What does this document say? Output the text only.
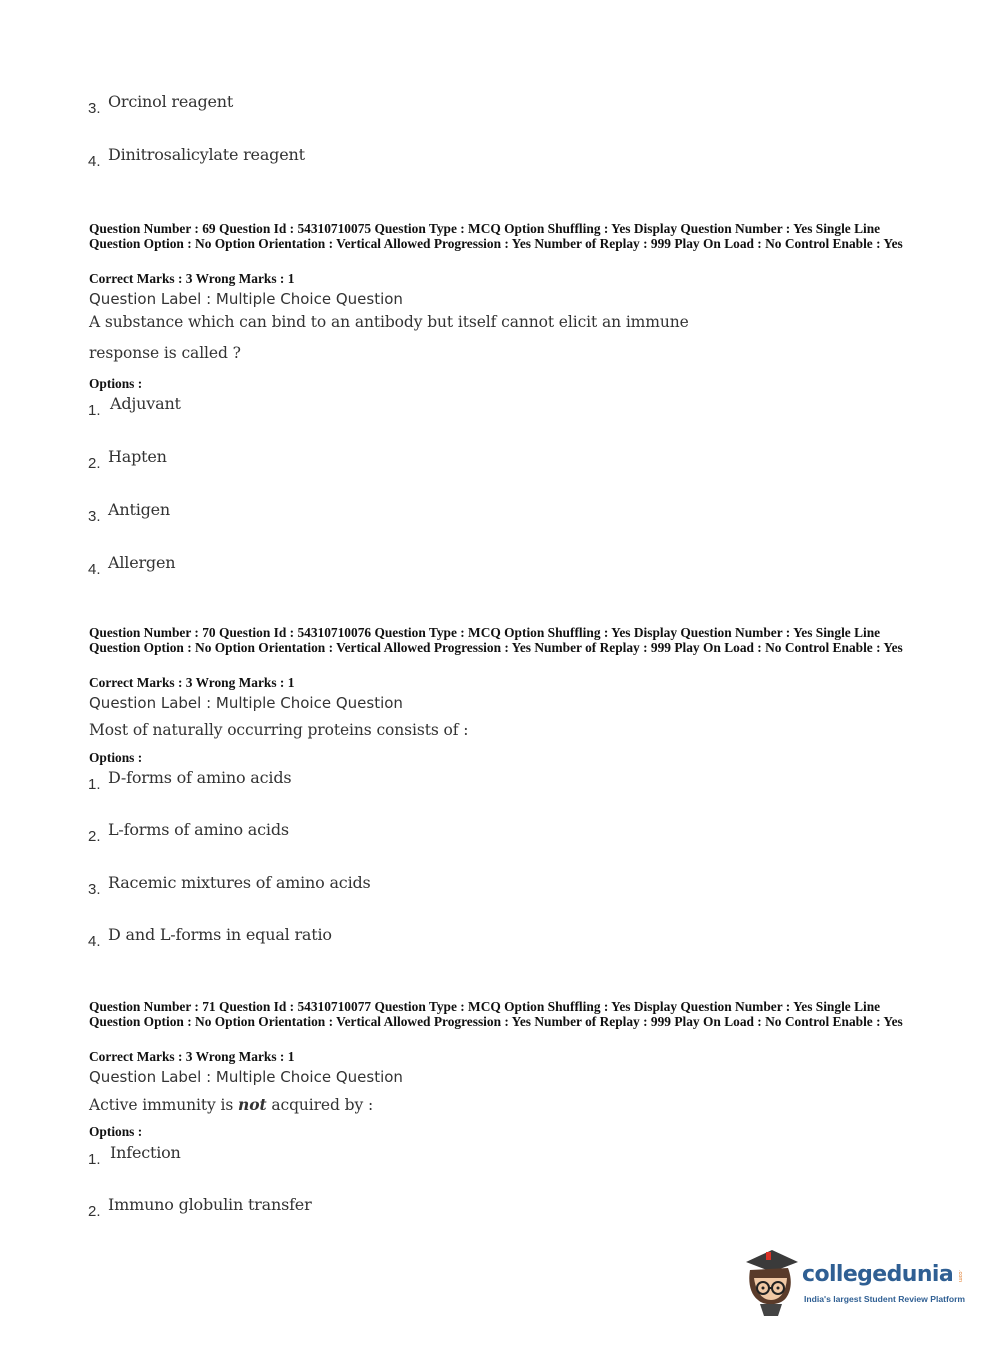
3. Orcinol reagent
4. Dinitrosalicylate reagent
Question Number : 69 Question Id : 54310710075 Question Type : MCQ Option Shuffling : Yes Display Question Number : Yes Single Line Question Option : No Option Orientation : Vertical Allowed Progression : Yes Number of Replay : 999 Play On Load : No Control Enable : Yes
Correct Marks : 3 Wrong Marks : 1
Question Label : Multiple Choice Question
A substance which can bind to an antibody but itself cannot elicit an immune
response is called ?
Options :
1. Adjuvant
2. Hapten
3. Antigen
4. Allergen
Question Number : 70 Question Id : 54310710076 Question Type : MCQ Option Shuffling : Yes Display Question Number : Yes Single Line Question Option : No Option Orientation : Vertical Allowed Progression : Yes Number of Replay : 999 Play On Load : No Control Enable : Yes
Correct Marks : 3 Wrong Marks : 1
Question Label : Multiple Choice Question
Most of naturally occurring proteins consists of :
Options :
1. D-forms of amino acids
2. L-forms of amino acids
3. Racemic mixtures of amino acids
4. D and L-forms in equal ratio
Question Number : 71 Question Id : 54310710077 Question Type : MCQ Option Shuffling : Yes Display Question Number : Yes Single Line Question Option : No Option Orientation : Vertical Allowed Progression : Yes Number of Replay : 999 Play On Load : No Control Enable : Yes
Correct Marks : 3 Wrong Marks : 1
Question Label : Multiple Choice Question
Active immunity is not acquired by :
Options :
1. Infection
2. Immuno globulin transfer
collegedunia .com
India's largest Student Review Platform
